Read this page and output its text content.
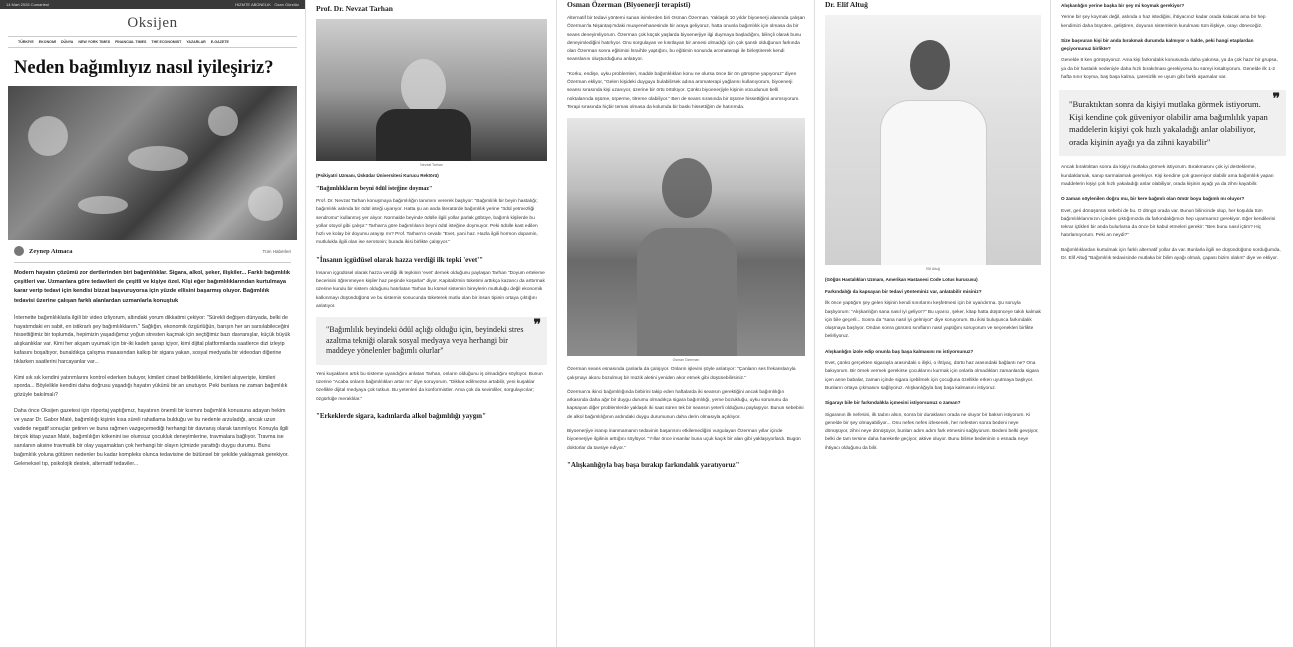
14 Mart 2026 Cumartesi	HIZMTE ABONELIK Ozan Gündüz
Oksijen
TÜRKİYE EKONOMİ DÜNYA NEW YORK TIMES FINANCIAL TIMES THE ECONOMIST YAZARLAR E-GAZETE
Neden bağımlıyız nasıl iyileşiriz?
Zeynep Atmaca	Tüm Haberleri
Modern hayatın çözümü zor dertlerinden biri bağımlılıklar. Sigara, alkol, şeker, ilişkiler... Farklı bağımlılık çeşitleri var. Uzmanlara göre tedavileri de çeşitli ve kişiye özel. Kişi eğer bağımlılıklarından kurtulmaya karar verip tedavi için kendisi bizzat başvuruyorsa için yüzde ellisini başarmış oluyor. Bağımlılık tedavisi üzerine çalışan farklı alanlardan uzmanlarla konuştuk

İnternette bağımlılıklarla ilgili bir video izliyorum, altındaki yorum dikkatimi çekiyor: "Sürekli değişen dünyada, belki de hayatımdaki en sabit, en istikrarlı şey bağımlılıklarım." Sağlığın, ekonomik özgürlüğün, barışın her an sarsılabileceğini hissettiğimiz bir toplumda, hepimizin yaşadığımız yoğun stresten kaçmak için seçtiğimiz bazı davranışlar, küçük büyük alışkanlıklar var. Kimi her akşam uyumak için bir-iki kadeh şarap içiyor, kimi dijital platformlarda saatlerce dizi izleyip kafasını boşaltıyor, bunaldıkça çalışma masasından kalkıp bir sigara yakan, sosyal medyada bir videodan diğerine tıklarken saatlerini harcayanlar var...

Kimi sık sık kendini yatırımlarını kontrol ederken buluyor, kimileri cinsel birlikteliklerle, kimileri alışverişte, kimileri sporda... Böylelikle kendini daha doğrusu yaşadığı hayatın yükünü bir an unutuyor. Peki bunlara ne zaman bağımlılık gözüyle bakılmalı?

Daha önce Oksijen gazetesi için röportaj yaptığımız, hayatının önemli bir kısmını bağımlılık konusuna adayan hekim ve yazar Dr. Gabor Maté, bağımlılığı kişinin kısa süreli rahatlama bulduğu ve bu nedenle arzuladığı, ancak uzun vadede negatif sonuçlar getiren ve buna rağmen vazgeçemediği herhangi bir davranış olarak tanımlıyor. Konuyla ilgili birçok kitap yazan Maté, bağımlılığın kökenini ise olumsuz çocukluk deneyimlerine, travmalara bağlıyor. Travma ise sanılanın aksine travmatik bir olay yaşamaktan çok herhangi bir olayın içimizde yarattığı duygu durumu. Bunu bağımlılık yoluna götüren nedenler bu kadar kompleks olunca tedavisine de bütünsel bir şekilde yaklaşmak gerekiyor. Geleneksel tıp, psikolojik destek, alternatif tedaviler...

Prof. Dr. Nevzat Tarhan
Nevzat Tarhan
(Psikiyatri Uzmanı, Üsküdar Üniversitesi Kurucu Rektörü)
"Bağımlılıkların beyni ödül isteğine doymaz"
Prof. Dr. Nevzat Tarhan konuşmaya bağımlılığın tanımını vererek başlıyor: "Bağımlılık bir beyin hastalığı; bağımlılık aslında bir ödül isteği uyarıyor. Hatta şu an anda literatürde bağımlılık yerine "ödül yetmezliği sendromu" kullanmış yer alıyor. Normalde beyinde ödülle ilgili yollar parlak göbüye, bağımlı kişilerde bu yollar otoyol gibi çalışır." Tarhan'a göre bağımlıların beyni ödül isteğine doymuyor. Peki ödülle kast edilen hızlı ve kolay bir doyumu arayışı mı? Prof. Tarhan'ın cevabı "Evet, yani haz. Hazla ilgili hormon dopamin, mutlulukla ilgili olan ise serotonin; burada ikisi birlikte çalışıyor."
"İnsanın içgüdüsel olarak hazza verdiği ilk tepki 'evet'"
İnsanın içgüdüsel olarak hazza verdiği ilk tepkinin 'evet' demek olduğunu paylaşan Tarhan "Doyum erteleme becerisini öğrenmeyen kişiler haz peşinde koşarlar" diyor. Kapitalizmin tüketimi arttıkça kazancı da arttırmak üzerine kurulu bir sistem olduğunu hatırlatan Tarhan bu kürsel sistemin bireylerin mutluluğu değil ekonomik kalkınmayı düşündüğünü ve bu sistemin sonucunda tüketerek mutlu olan bir insan tipinin ortaya çıktığını anlatıyor.
❞
"Bağımlılık beyindeki ödül açlığı olduğu için, beyindeki stres azaltma tekniği olarak sosyal medyaya veya herhangi bir maddeye yönelenler bağımlı olurlar"
Yeni kuşakların artık bu sisteme uyandığını anlatan Tarhan, onların olduğunu iş olmadığını söylüyor. Bunun üzerine "Acaba onların bağımlılıkları artar mı" diye soruyorum. "Dikkat edilmezse artabilir, yeni kuşaklar özellikle dijital medyaya çok tutkun. Bu yetenleri da konformistler. Ama çok da sevimliler, sorgulayıcılar; özgürlüğe meraklılar."
"Erkeklerde sigara, kadınlarda alkol bağımlılığı yaygın"
Osman Özerman (Biyoenerji terapisti)
Alternatif bir tedavi yöntemi sunan isimlerden biri Osman Özerman. Yaklaşık 10 yıldır biyoenerji alanında çalışan Özerman'la Nişantaşı'ndaki muayenehanesinde bir araya geliyoruz, hatta onunla bağımlılık için olmasa da bir seans deneyimliyorum. Özerman çok küçük yaşlarda biyoenerjiye ilgi duymaya başladığını, bilinçli olarak bunu deneyimlediğini hatırlıyor. Onu sorgulayan ve kısıtlayan bir annesi olmadığı için çok şanslı olduğunun farkında olan Özerman sonra eğitimini İsrail'de yaptığını, bu eğitimin sonunda aromaterapi ile birleştirerek kendi seanslarını oluşturduğunu anlatıyor.
"Korku, endişe, uyku problemleri, madde bağımlılıkları konu ne olursa önce bir ön görüşme yapıyoruz" diyen Özerman ekliyor, "Gelen kişideki duyguyu bulabilirsek adına aromaterapi yağlarını kullanıyorum, biyoenerji seansı sırasında kişi uzanıyor, üzerine bir örtü örtülüyor. Çünkü biyoenerjiyle kişinin vücudunun belli noktalarında üşüme, ürperme, titreme olabiliyor." Ben de seans sırasında bir üşüme hissettiğimi anımsıyorum. Terapi sırasında hiçbir temas olmasa da kolumda bir baskı hissettiğim de hatırımda.
Osman Özerman
Özerman seans esnasında çanlarla da çalışıyor. Onların işlevini şöyle anlatıyor: "Çanların ses frekanslarıyla çalışmayı akoru bozulmuş bir müzik aletini yeniden akor etmek gibi düşünebilirsiniz."
Özerman'a ikinci bağımlılığında birbirini takip eden haftalarda iki seansın gerektiğini ancak bağımlılığın arkasında daha ağır bir duygu durumu olmadıkça sigara bağımlılığı, yeme bozukluğu, uyku sorununu da kapsayan diğer problemlerde yaklaşık iki saat süren tek bir seansın yeterli olduğunu paylaşıyor. Bunun sebebini de alkol bağımlılığının ardındaki duygu durumunun daha derin olmasıyla açıklıyor.
Biyoenerjiye inanıp inanmamanın tedavinin başarısını etkilemediğini vurgulayan Özerman yıllar içinde biyoenerjiye ilgilinin arttığını söylüyor. "Yıllar önce insanlar buna uçuk kaçık bir alan gibi yaklaşıyorlardı. Bugün doktorlar da tavsiye ediyor."
"Alışkanlığıyla baş başa bırakıp farkındalık yaratıyoruz"
Dr. Elif Altuğ
Elif Altuğ
(Göğüs Hastalıkları Uzmanı, Amerikan Hastanesi Code Lotus kurucusu)
Farkındalığı da kapsayan bir tedavi yönteminiz var, anlatabilir misiniz?
İlk önce yaptığım şey gelen kişinin kendi sınırlarını keşfetmesi için bir uyandırma. Şu soruyla başlıyorum: "Alışkanlığın sana nasıl iyi geliyor?" Bu uyarıcı, şeker, kitap hatta düşünceye takılı kalmak için bile geçerli... Sonra da "sana nasıl iyi gelmiyor" diye soruyorum. Bu ikisi buluşunca farkındalık oluşmaya başlıyor. Ondan sonra gününü sınıfların nasıl yaptığını soruyorum ve seçenekleri birlikte belirliyoruz.
Alışkanlığın izole edip onunla baş başa kalmasını mı istiyorsunuz?
Evet, çünkü gerçekten sigarayla arasındaki o ilişki, o ihtiyaç, dürtü haz arasındaki bağlantı ne? Ona bakıyorum. Bir örnek vermek gerekirse çocuklarını kurmak için onlarla olmadıkları zamanlarda sigara içen anne babalar, zaman içinde sigara içebilmek için çocuğuna özellikle erken uyutmaya başlıyor. Bunların ortaya çıkmasını sağlıyoruz. Alışkanlığıyla baş başa kalmasını istiyoruz.
Sigarayı bile bir farkındalıkla içmesini istiyorsunuz o zaman?
Sigaranın ilk nefesini, ilk tadını alsın, sonra bir duraklasın orada ne oluyor bir baksın istiyorum. Ki genelde bir şey olmayabiliyor... Onu nefes nefes izlesenek, her nefesten sonra bedeni neye dönüşüyor, zihni neye dönüşüyor, bunları adım adım fark etmesini sağlıyorum. Bedeni belki gevşiyor, belki de tam tersine daha hareketle geçiyor, aktive oluyor. Bunu bilirse bedeninin o esnada neye ihtiyacı olduğunu da bilir.
Alışkanlığın yerine başka bir şey mi koymak gerekiyor?
Yerine bir şey koymak değil, aslında o haz istediğini, ihtiyacınız kadar orada kalacak ama bir hep kendimizi daha büyüten, geliştiren, doyuran sistemlerin kurulması tüm ilişkiye, orayı döneceğiz.
Size başvuran kişi bir anda bırakmak durumda kalmıyor o halde, peki hangi etaplardan geçiyorsunuz birlikte?
Genelde 8 ken görüşüyoruz. Ama kişi farkındalık konusunda daha yakınsa, ya da çok hazır bir grupsa, ya da bir hastalık nedeniyle daha hızlı bırakılması gerekiyorsa bu süreyi kısaltıyorum. Genelde ilk 1-2 hafta sınır koyma, baş başa kalma, çaresizlik ve uyum gibi farklı aşamalar var.
❞
"Buraktıktan sonra da kişiyi mutlaka görmek istiyorum. Kişi kendine çok güveniyor olabilir ama bağımlılık yapan maddelerin kişiyi çok hızlı yakaladığı anlar olabiliyor, orada kişinin ayağı ya da zihni kayabilir"
Ancak bıraktıktan sonra da kişiyi mutlaka görmek istiyorum. Bırakmasını çok iyi destekleme, kundaklamak, sanıp sarmalamak gerekiyor. Kişi kendine çok güveniyor olabilir ama bağımlılık yapan maddelerin kişiyi çok hızlı yakaladığı anlar olabiliyor, orada kişinin ayağı ya da zihni kayabilir.
O zaman söylenilen doğru mu, bir kere bağımlı olan ömür boyu bağımlı mı oluyor?
Evet, geri dönüşünün sebebi de bu. O döngü orada var. Bunun bilincinde olup, her koşulda tüm bağımlılıklarımızın içinden çıktığımızda da farkındalığımızı hep uyarmamız gerekiyor. Eğer kendilerini tekrar içtikleri bir anda bulurlarsa da önce bir kabul etmeleri gerekir: "Ben bunu nasıl içtim? Hiç hatırlamıyorum. Peki an neydi?"
Bağımlılıklardan kurtulmak için farklı alternatif yollar da var. Bunlarla ilgili ne düşündüğünü sorduğumda, Dr. Elif Altuğ "Bağımlılık tedavisinde mutlaka bir bilim ayağı olmalı, çapası bizim olalım" diye ve ekliyor.
